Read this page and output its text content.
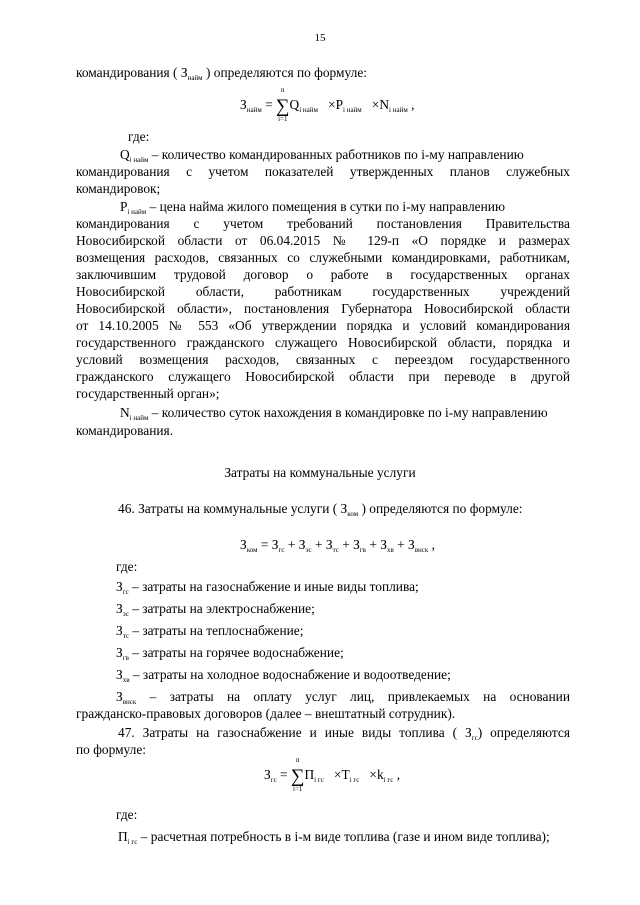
15
командирования ( $З_{найм}$ ) определяются по формуле:
$З_{найм}$ = ∑
n
i=1
$Q_{i найм} \times P_{i найм} \times N_{i найм}$ ,
где:
$Q_{i найм}$ – количество командированных работников по i-му направлению
командирования с учетом показателей утвержденных планов служебных
командировок;
$P_{i найм}$ – цена найма жилого помещения в сутки по i-му направлению
командирования с учетом требований постановления Правительства
Новосибирской области от 06.04.2015 № 129-п «О порядке и размерах
возмещения расходов, связанных со служебными командировками, работникам,
заключившим трудовой договор о работе в государственных органах
Новосибирской области, работникам государственных учреждений
Новосибирской области», постановления Губернатора Новосибирской области
от 14.10.2005 № 553 «Об утверждении порядка и условий командирования
государственного гражданского служащего Новосибирской области, порядка и
условий возмещения расходов, связанных с переездом государственного
гражданского служащего Новосибирской области при переводе в другой
государственный орган»;
$N_{i найм}$ – количество суток нахождения в командировке по i-му направлению
командирования.
Затраты на коммунальные услуги
46. Затраты на коммунальные услуги ( $З_{ком}$ ) определяются по формуле:
$З_{ком} = З_{гс} + З_{эс} + З_{тс} + З_{гв} + З_{хв} + З_{внск}$ ,
где:
$З_{гс}$ – затраты на газоснабжение и иные виды топлива;
$З_{эс}$ – затраты на электроснабжение;
$З_{тс}$ – затраты на теплоснабжение;
$З_{гв}$ – затраты на горячее водоснабжение;
$З_{хв}$ – затраты на холодное водоснабжение и водоотведение;
$З_{внск}$ – затраты на оплату услуг лиц, привлекаемых на основании
гражданско-правовых договоров (далее – внештатный сотрудник).
47. Затраты на газоснабжение и иные виды топлива ( $З_{гс}$) определяются
по формуле:
$З_{гс}$ = ∑
n
i=1
$П_{i гс} \times T_{i гс} \times k_{i гс}$ ,
где:
$П_{i гс}$ – расчетная потребность в i-м виде топлива (газе и ином виде топлива);
